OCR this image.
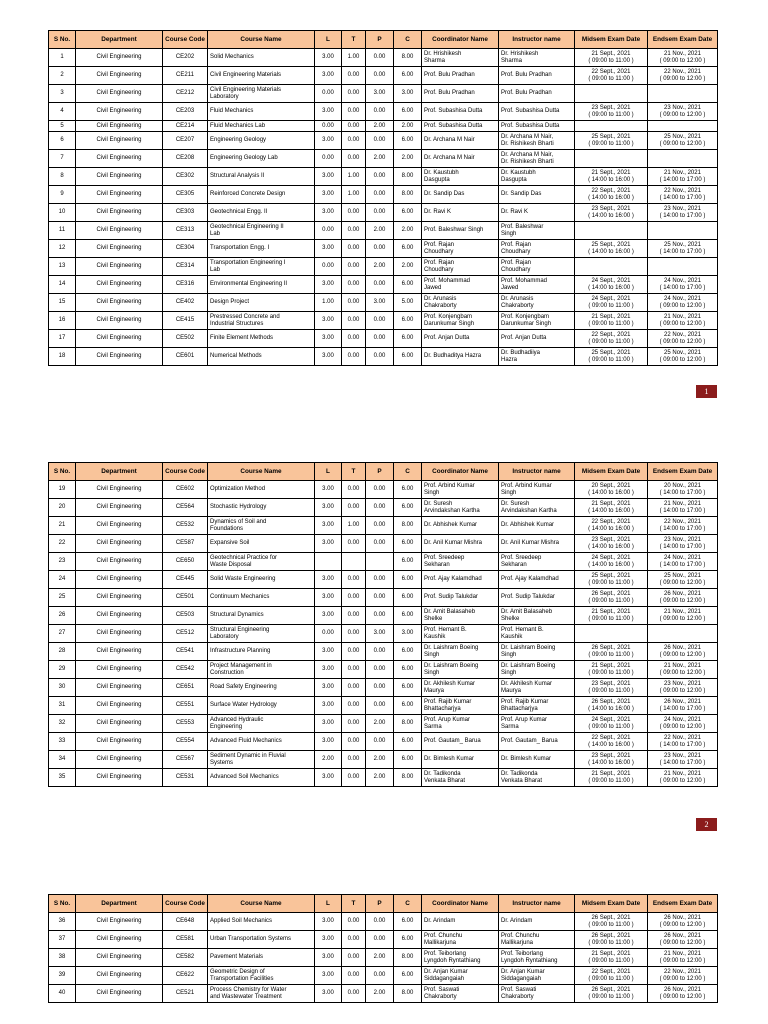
S No.	Department	Course Code	Course Name	L	T	P	C	Coordinator Name	Instructor name	Midsem Exam Date	Endsem Exam Date
1	Civil Engineering	CE202	Solid Mechanics	3.00	1.00	0.00	8.00	Dr. Hrishikesh
Sharma	Dr. Hrishikesh
Sharma	21 Sept., 2021
( 09:00 to 11:00 )	21 Nov., 2021
( 09:00 to 12:00 )
2	Civil Engineering	CE211	Civil Engineering Materials	3.00	0.00	0.00	6.00	Prof. Bulu Pradhan	Prof. Bulu Pradhan	22 Sept., 2021
( 09:00 to 11:00 )	22 Nov., 2021
( 09:00 to 12:00 )
3	Civil Engineering	CE212	Civil Engineering Materials
Laboratory	0.00	0.00	3.00	3.00	Prof. Bulu Pradhan	Prof. Bulu Pradhan		
4	Civil Engineering	CE203	Fluid Mechanics	3.00	0.00	0.00	6.00	Prof. Subashisa Dutta	Prof. Subashisa Dutta	23 Sept., 2021
( 09:00 to 11:00 )	23 Nov., 2021
( 09:00 to 12:00 )
5	Civil Engineering	CE214	Fluid Mechanics Lab	0.00	0.00	2.00	2.00	Prof. Subashisa Dutta	Prof. Subashisa Dutta		
6	Civil Engineering	CE207	Engineering Geology	3.00	0.00	0.00	6.00	Dr. Archana M Nair	Dr. Archana M Nair,
Dr. Rishikesh Bharti	25 Sept., 2021
( 09:00 to 11:00 )	25 Nov., 2021
( 09:00 to 12:00 )
7	Civil Engineering	CE208	Engineering Geology Lab	0.00	0.00	2.00	2.00	Dr. Archana M Nair	Dr. Archana M Nair,
Dr. Rishikesh Bharti		
8	Civil Engineering	CE302	Structural Analysis II	3.00	1.00	0.00	8.00	Dr. Kaustubh
Dasgupta	Dr. Kaustubh
Dasgupta	21 Sept., 2021
( 14:00 to 16:00 )	21 Nov., 2021
( 14:00 to 17:00 )
9	Civil Engineering	CE305	Reinforced Concrete Design	3.00	1.00	0.00	8.00	Dr. Sandip Das	Dr. Sandip Das	22 Sept., 2021
( 14:00 to 16:00 )	22 Nov., 2021
( 14:00 to 17:00 )
10	Civil Engineering	CE303	Geotechnical Engg. II	3.00	0.00	0.00	6.00	Dr. Ravi K	Dr. Ravi K	23 Sept., 2021
( 14:00 to 16:00 )	23 Nov., 2021
( 14:00 to 17:00 )
11	Civil Engineering	CE313	Geotechnical Engineering II
Lab	0.00	0.00	2.00	2.00	Prof. Baleshwar Singh	Prof. Baleshwar
Singh		
12	Civil Engineering	CE304	Transportation Engg. I	3.00	0.00	0.00	6.00	Prof. Rajan
Choudhary	Prof. Rajan
Choudhary	25 Sept., 2021
( 14:00 to 16:00 )	25 Nov., 2021
( 14:00 to 17:00 )
13	Civil Engineering	CE314	Transportation Engineering I
Lab	0.00	0.00	2.00	2.00	Prof. Rajan
Choudhary	Prof. Rajan
Choudhary		
14	Civil Engineering	CE316	Environmental Engineering II	3.00	0.00	0.00	6.00	Prof. Mohammad
Jawed	Prof. Mohammad
Jawed	24 Sept., 2021
( 14:00 to 16:00 )	24 Nov., 2021
( 14:00 to 17:00 )
15	Civil Engineering	CE402	Design Project	1.00	0.00	3.00	5.00	Dr. Arunasis
Chakraborty	Dr. Arunasis
Chakraborty	24 Sept., 2021
( 09:00 to 11:00 )	24 Nov., 2021
( 09:00 to 12:00 )
16	Civil Engineering	CE415	Prestressed Concrete and
Industrial Structures	3.00	0.00	0.00	6.00	Prof. Konjengbam
Darunkumar Singh	Prof. Konjengbam
Darunkumar Singh	21 Sept., 2021
( 09:00 to 11:00 )	21 Nov., 2021
( 09:00 to 12:00 )
17	Civil Engineering	CE502	Finite Element Methods	3.00	0.00	0.00	6.00	Prof. Anjan Dutta	Prof. Anjan Dutta	22 Sept., 2021
( 09:00 to 11:00 )	22 Nov., 2021
( 09:00 to 12:00 )
18	Civil Engineering	CE601	Numerical Methods	3.00	0.00	0.00	6.00	Dr. Budhaditya Hazra	Dr. Budhadiiya
Hazra	25 Sept., 2021
( 09:00 to 11:00 )	25 Nov., 2021
( 09:00 to 12:00 )
1
S No.	Department	Course Code	Course Name	L	T	P	C	Coordinator Name	Instructor name	Midsem Exam Date	Endsem Exam Date
19	Civil Engineering	CE602	Optimization Method	3.00	0.00	0.00	6.00	Prof. Arbind Kumar
Singh	Prof. Arbind Kumar
Singh	20 Sept., 2021
( 14:00 to 16:00 )	20 Nov., 2021
( 14:00 to 17:00 )
20	Civil Engineering	CE564	Stochastic Hydrology	3.00	0.00	0.00	6.00	Dr. Suresh
Arvindakshan Kartha	Dr. Suresh
Arvindakshan Kartha	21 Sept., 2021
( 14:00 to 16:00 )	21 Nov., 2021
( 14:00 to 17:00 )
21	Civil Engineering	CE532	Dynamics of Soil and
Foundations	3.00	1.00	0.00	8.00	Dr. Abhishek Kumar	Dr. Abhishek Kumar	22 Sept., 2021
( 14:00 to 16:00 )	22 Nov., 2021
( 14:00 to 17:00 )
22	Civil Engineering	CE587	Expansive Soil	3.00	0.00	0.00	6.00	Dr. Anil Kumar Mishra	Dr. Anil Kumar Mishra	23 Sept., 2021
( 14:00 to 16:00 )	23 Nov., 2021
( 14:00 to 17:00 )
23	Civil Engineering	CE650	Geotechnical Practice for
Waste Disposal				6.00	Prof. Sreedeep
Sekharan	Prof. Sreedeep
Sekharan	24 Sept., 2021
( 14:00 to 16:00 )	24 Nov., 2021
( 14:00 to 17:00 )
24	Civil Engineering	CE445	Solid Waste Engineering	3.00	0.00	0.00	6.00	Prof. Ajay Kalamdhad	Prof. Ajay Kalamdhad	25 Sept., 2021
( 09:00 to 11:00 )	25 Nov., 2021
( 09:00 to 12:00 )
25	Civil Engineering	CE501	Continuum Mechanics	3.00	0.00	0.00	6.00	Prof. Sudip Talukdar	Prof. Sudip Talukdar	26 Sept., 2021
( 09:00 to 11:00 )	26 Nov., 2021
( 09:00 to 12:00 )
26	Civil Engineering	CE503	Structural Dynamics	3.00	0.00	0.00	6.00	Dr. Amit Balasaheb
Shelke	Dr. Amit Balasaheb
Shelke	21 Sept., 2021
( 09:00 to 11:00 )	21 Nov., 2021
( 09:00 to 12:00 )
27	Civil Engineering	CE512	Structural Engineering
Laboratory	0.00	0.00	3.00	3.00	Prof. Hemant B.
Kaushik	Prof. Hemant B.
Kaushik		
28	Civil Engineering	CE541	Infrastructure Planning	3.00	0.00	0.00	6.00	Dr. Laishram Boeing
Singh	Dr. Laishram Boeing
Singh	26 Sept., 2021
( 09:00 to 11:00 )	26 Nov., 2021
( 09:00 to 12:00 )
29	Civil Engineering	CE542	Project Management in
Construction	3.00	0.00	0.00	6.00	Dr. Laishram Boeing
Singh	Dr. Laishram Boeing
Singh	21 Sept., 2021
( 09:00 to 11:00 )	21 Nov., 2021
( 09:00 to 12:00 )
30	Civil Engineering	CE651	Road Safety Engineering	3.00	0.00	0.00	6.00	Dr. Akhilesh Kumar
Maurya	Dr. Akhilesh Kumar
Maurya	23 Sept., 2021
( 09:00 to 11:00 )	23 Nov., 2021
( 09:00 to 12:00 )
31	Civil Engineering	CE551	Surface Water Hydrology	3.00	0.00	0.00	6.00	Prof. Rajib Kumar
Bhattacharjya	Prof. Rajib Kumar
Bhattacharjya	26 Sept., 2021
( 14:00 to 16:00 )	26 Nov., 2021
( 14:00 to 17:00 )
32	Civil Engineering	CE553	Advanced Hydraulic
Engineering	3.00	0.00	2.00	8.00	Prof. Arup Kumar
Sarma	Prof. Arup Kumar
Sarma	24 Sept., 2021
( 09:00 to 11:00 )	24 Nov., 2021
( 09:00 to 12:00 )
33	Civil Engineering	CE554	Advanced Fluid Mechanics	3.00	0.00	0.00	6.00	Prof. Gautam_ Barua	Prof. Gautam_ Barua	22 Sept., 2021
( 14:00 to 16:00 )	22 Nov., 2021
( 14:00 to 17:00 )
34	Civil Engineering	CE567	Sediment Dynamic in Fluvial
Systems	2.00	0.00	2.00	6.00	Dr. Bimlesh Kumar	Dr. Bimlesh Kumar	23 Sept., 2021
( 14:00 to 16:00 )	23 Nov., 2021
( 14:00 to 17:00 )
35	Civil Engineering	CE531	Advanced Soil Mechanics	3.00	0.00	2.00	8.00	Dr. Tadikonda
Venkata Bharat	Dr. Tadikonda
Venkata Bharat	21 Sept., 2021
( 09:00 to 11:00 )	21 Nov., 2021
( 09:00 to 12:00 )
2
S No.	Department	Course Code	Course Name	L	T	P	C	Coordinator Name	Instructor name	Midsem Exam Date	Endsem Exam Date
36	Civil Engineering	CE648	Applied Soil Mechanics	3.00	0.00	0.00	6.00	Dr. Arindam	Dr. Arindam	26 Sept., 2021
( 09:00 to 11:00 )	26 Nov., 2021
( 09:00 to 12:00 )
37	Civil Engineering	CE581	Urban Transportation Systems	3.00	0.00	0.00	6.00	Prof. Chunchu
Mallikarjuna	Prof. Chunchu
Mallikarjuna	26 Sept., 2021
( 09:00 to 11:00 )	26 Nov., 2021
( 09:00 to 12:00 )
38	Civil Engineering	CE582	Pavement Materials	3.00	0.00	2.00	8.00	Prof. Teiborlang
Lyngdoh Ryntathiang	Prof. Teiborlang
Lyngdoh Ryntathiang	21 Sept., 2021
( 09:00 to 11:00 )	21 Nov., 2021
( 09:00 to 12:00 )
39	Civil Engineering	CE622	Geometric Design of
Transportation Facilities	3.00	0.00	0.00	6.00	Dr. Anjan Kumar
Siddagangaiah	Dr. Anjan Kumar
Siddagangaiah	22 Sept., 2021
( 09:00 to 11:00 )	22 Nov., 2021
( 09:00 to 12:00 )
40	Civil Engineering	CE521	Process Chemistry for Water
and Wastewater Treatment	3.00	0.00	2.00	8.00	Prof. Saswati
Chakraborty	Prof. Saswati
Chakraborty	26 Sept., 2021
( 09:00 to 11:00 )	26 Nov., 2021
( 09:00 to 12:00 )
